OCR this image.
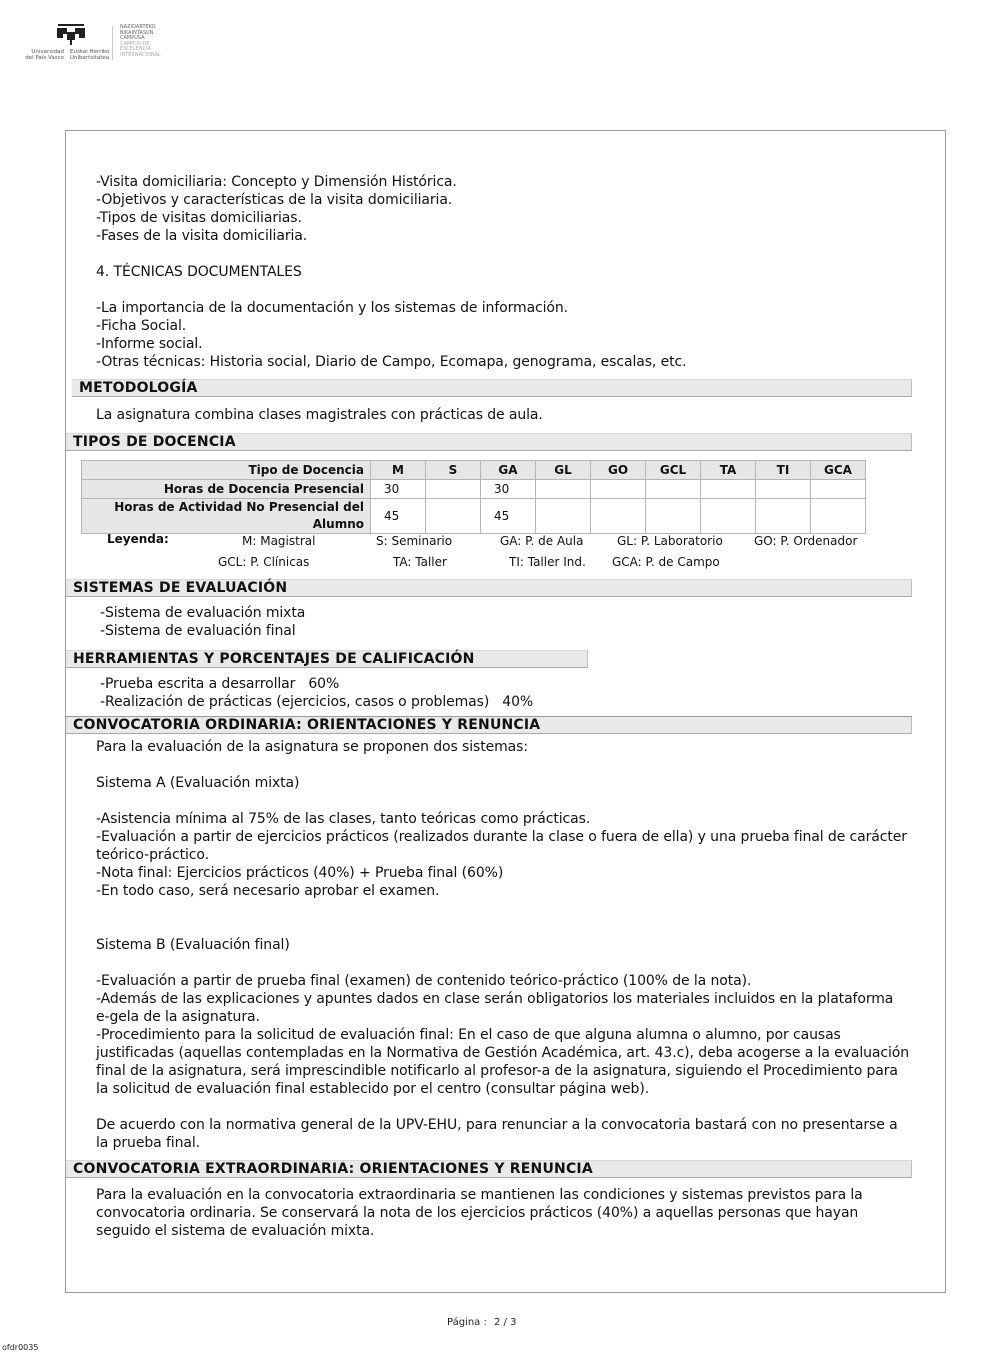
Universidad
del País Vasco
Euskal Herriko
Unibertsitatea
NAZIOARTEKO
BIKAINTASUN
CAMPUSA
CAMPUS DE
EXCELENCIA
INTERNACIONAL
-Visita domiciliaria: Concepto y Dimensión Histórica.
-Objetivos y características de la visita domiciliaria.
-Tipos de visitas domiciliarias.
-Fases de la visita domiciliaria.
4. TÉCNICAS DOCUMENTALES
-La importancia de la documentación y los sistemas de información.
-Ficha Social.
-Informe social.
-Otras técnicas: Historia social, Diario de Campo, Ecomapa, genograma, escalas, etc.
METODOLOGÍA
La asignatura combina clases magistrales con prácticas de aula.
TIPOS DE DOCENCIA
Tipo de Docencia	M	S	GA	GL	GO	GCL	TA	TI	GCA
Horas de Docencia Presencial	30		30						
Horas de Actividad No Presencial del Alumno	45		45						
Leyenda:	M: Magistral	S: Seminario	GA: P. de Aula	GL: P. Laboratorio	GO: P. Ordenador
GCL: P. Clínicas	TA: Taller	TI: Taller Ind. GCA: P. de Campo
SISTEMAS DE EVALUACIÓN
-Sistema de evaluación mixta
-Sistema de evaluación final
HERRAMIENTAS Y PORCENTAJES DE CALIFICACIÓN
-Prueba escrita a desarrollar   60%
-Realización de prácticas (ejercicios, casos o problemas)   40%
CONVOCATORIA ORDINARIA: ORIENTACIONES Y RENUNCIA
Para la evaluación de la asignatura se proponen dos sistemas:
Sistema A (Evaluación mixta)
-Asistencia mínima al 75% de las clases, tanto teóricas como prácticas.
-Evaluación a partir de ejercicios prácticos (realizados durante la clase o fuera de ella) y una prueba final de carácter teórico-práctico.
-Nota final: Ejercicios prácticos (40%) + Prueba final (60%)
-En todo caso, será necesario aprobar el examen.
Sistema B (Evaluación final)
-Evaluación a partir de prueba final (examen) de contenido teórico-práctico (100% de la nota).
-Además de las explicaciones y apuntes dados en clase serán obligatorios los materiales incluidos en la plataforma e-gela de la asignatura.
-Procedimiento para la solicitud de evaluación final: En el caso de que alguna alumna o alumno, por causas justificadas (aquellas contempladas en la Normativa de Gestión Académica, art. 43.c), deba acogerse a la evaluación final de la asignatura, será imprescindible notificarlo al profesor-a de la asignatura, siguiendo el Procedimiento para la solicitud de evaluación final establecido por el centro (consultar página web).
De acuerdo con la normativa general de la UPV-EHU, para renunciar a la convocatoria bastará con no presentarse a la prueba final.
CONVOCATORIA EXTRAORDINARIA: ORIENTACIONES Y RENUNCIA
Para la evaluación en la convocatoria extraordinaria se mantienen las condiciones y sistemas previstos para la convocatoria ordinaria. Se conservará la nota de los ejercicios prácticos (40%) a aquellas personas que hayan seguido el sistema de evaluación mixta.
Página : 2 / 3
ofdr0035
